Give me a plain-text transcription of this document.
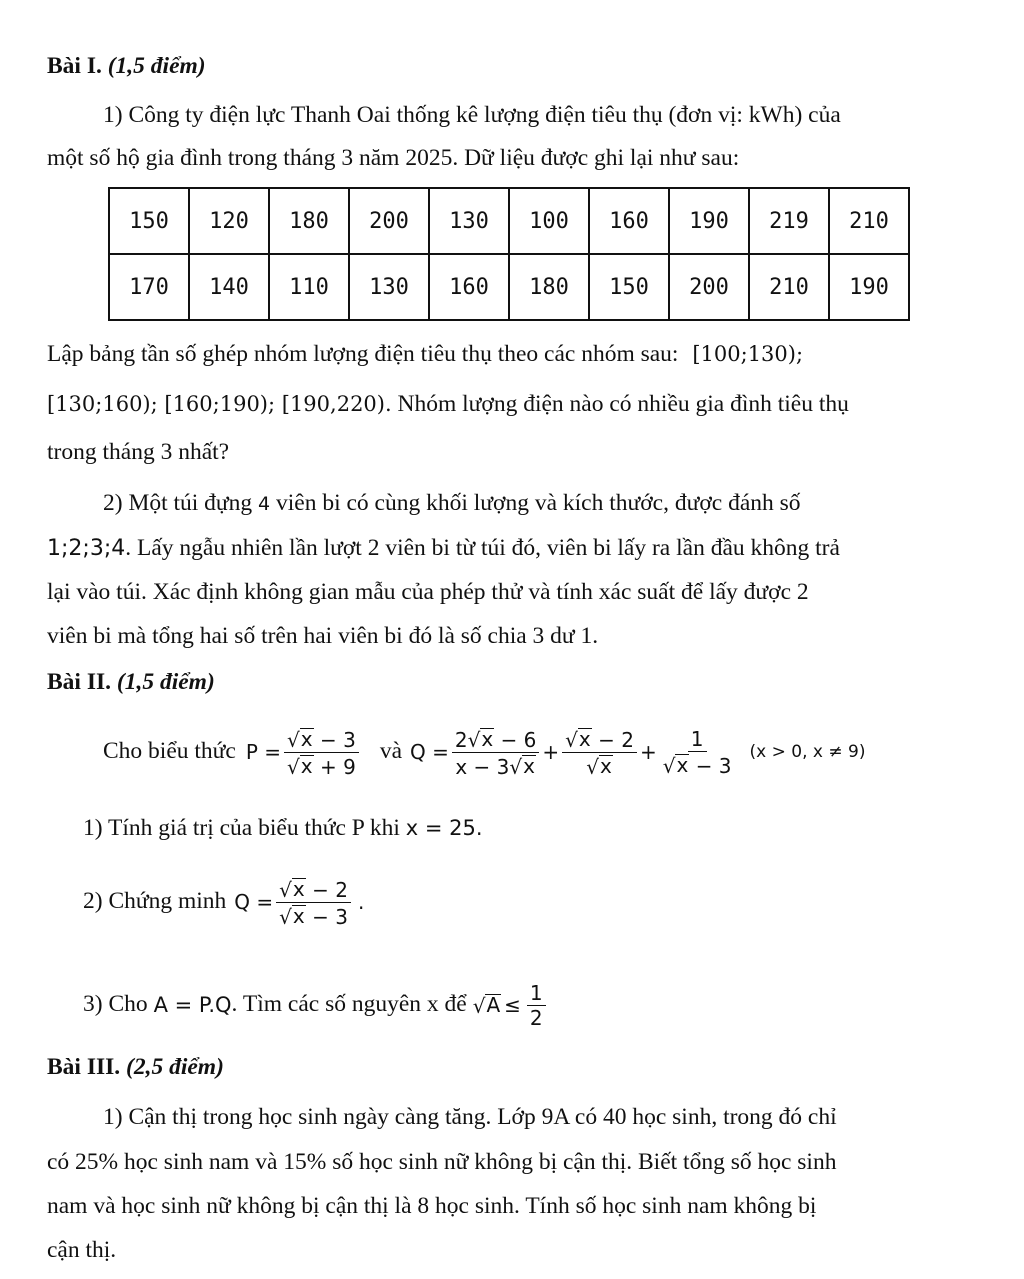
Bài I. (1,5 điểm)
1) Công ty điện lực Thanh Oai thống kê lượng điện tiêu thụ (đơn vị: kWh) của
một số hộ gia đình trong tháng 3 năm 2025. Dữ liệu được ghi lại như sau:
150	120	180	200	130	100	160	190	219	210
170	140	110	130	160	180	150	200	210	190
Lập bảng tần số ghép nhóm lượng điện tiêu thụ theo các nhóm sau: [100;130);
[130;160); [160;190); [190,220). Nhóm lượng điện nào có nhiều gia đình tiêu thụ
trong tháng 3 nhất?
2) Một túi đựng 4 viên bi có cùng khối lượng và kích thước, được đánh số
1;2;3;4. Lấy ngẫu nhiên lần lượt 2 viên bi từ túi đó, viên bi lấy ra lần đầu không trả
lại vào túi. Xác định không gian mẫu của phép thử và tính xác suất để lấy được 2
viên bi mà tổng hai số trên hai viên bi đó là số chia 3 dư 1.
Bài II. (1,5 điểm)
Cho biểu thức $P = \frac{√ x - 3}{√ x + 9}$ và $Q = \frac{2 √ x - 6}{x - 3 √ x} + \frac{√ x - 2}{√ x} + \frac{1}{√ x - 3} (x > 0$, x ≠ 9)
1) Tính giá trị của biểu thức P khi x = 25.
2) Chứng minh $Q = \frac{√ x - 2}{√ x - 3}$ .
3) Cho A = P.Q . Tìm các số nguyên x để √ $A \le \frac{1}{2}$
Bài III. (2,5 điểm)
1) Cận thị trong học sinh ngày càng tăng. Lớp 9A có 40 học sinh, trong đó chỉ
có 25% học sinh nam và 15% số học sinh nữ không bị cận thị. Biết tổng số học sinh
nam và học sinh nữ không bị cận thị là 8 học sinh. Tính số học sinh nam không bị
cận thị.
